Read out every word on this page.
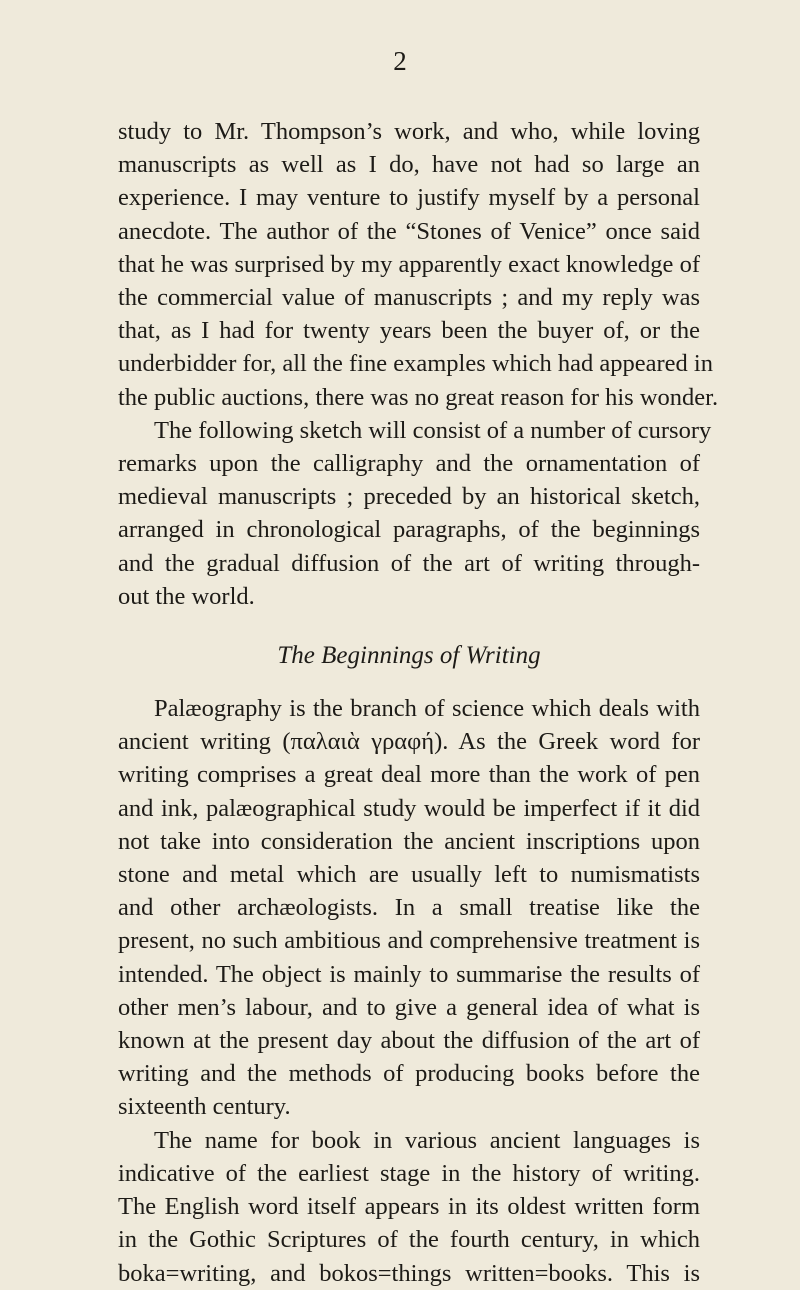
2

study to Mr. Thompson’s work, and who, while loving

manuscripts as well as I do, have not had so large an

experience. I may venture to justify myself by a personal

anecdote. The author of the “Stones of Venice” once said

that he was surprised by my apparently exact knowledge of

the commercial value of manuscripts ; and my reply was

that, as I had for twenty years been the buyer of, or the

underbidder for, all the fine examples which had appeared in

the public auctions, there was no great reason for his wonder.

The following sketch will consist of a number of cursory

remarks upon the calligraphy and the ornamentation of

medieval manuscripts ; preceded by an historical sketch,

arranged in chronological paragraphs, of the beginnings

and the gradual diffusion of the art of writing through-

out the world.

The Beginnings of Writing

Palæography is the branch of science which deals with

ancient writing (παλαιὰ γραφή). As the Greek word for

writing comprises a great deal more than the work of pen

and ink, palæographical study would be imperfect if it did

not take into consideration the ancient inscriptions upon

stone and metal which are usually left to numismatists

and other archæologists. In a small treatise like the

present, no such ambitious and comprehensive treatment is

intended. The object is mainly to summarise the results of

other men’s labour, and to give a general idea of what is

known at the present day about the diffusion of the art of

writing and the methods of producing books before the

sixteenth century.

The name for book in various ancient languages is

indicative of the earliest stage in the history of writing.

The English word itself appears in its oldest written form

in the Gothic Scriptures of the fourth century, in which

boka=writing, and bokos=things written=books. This is
